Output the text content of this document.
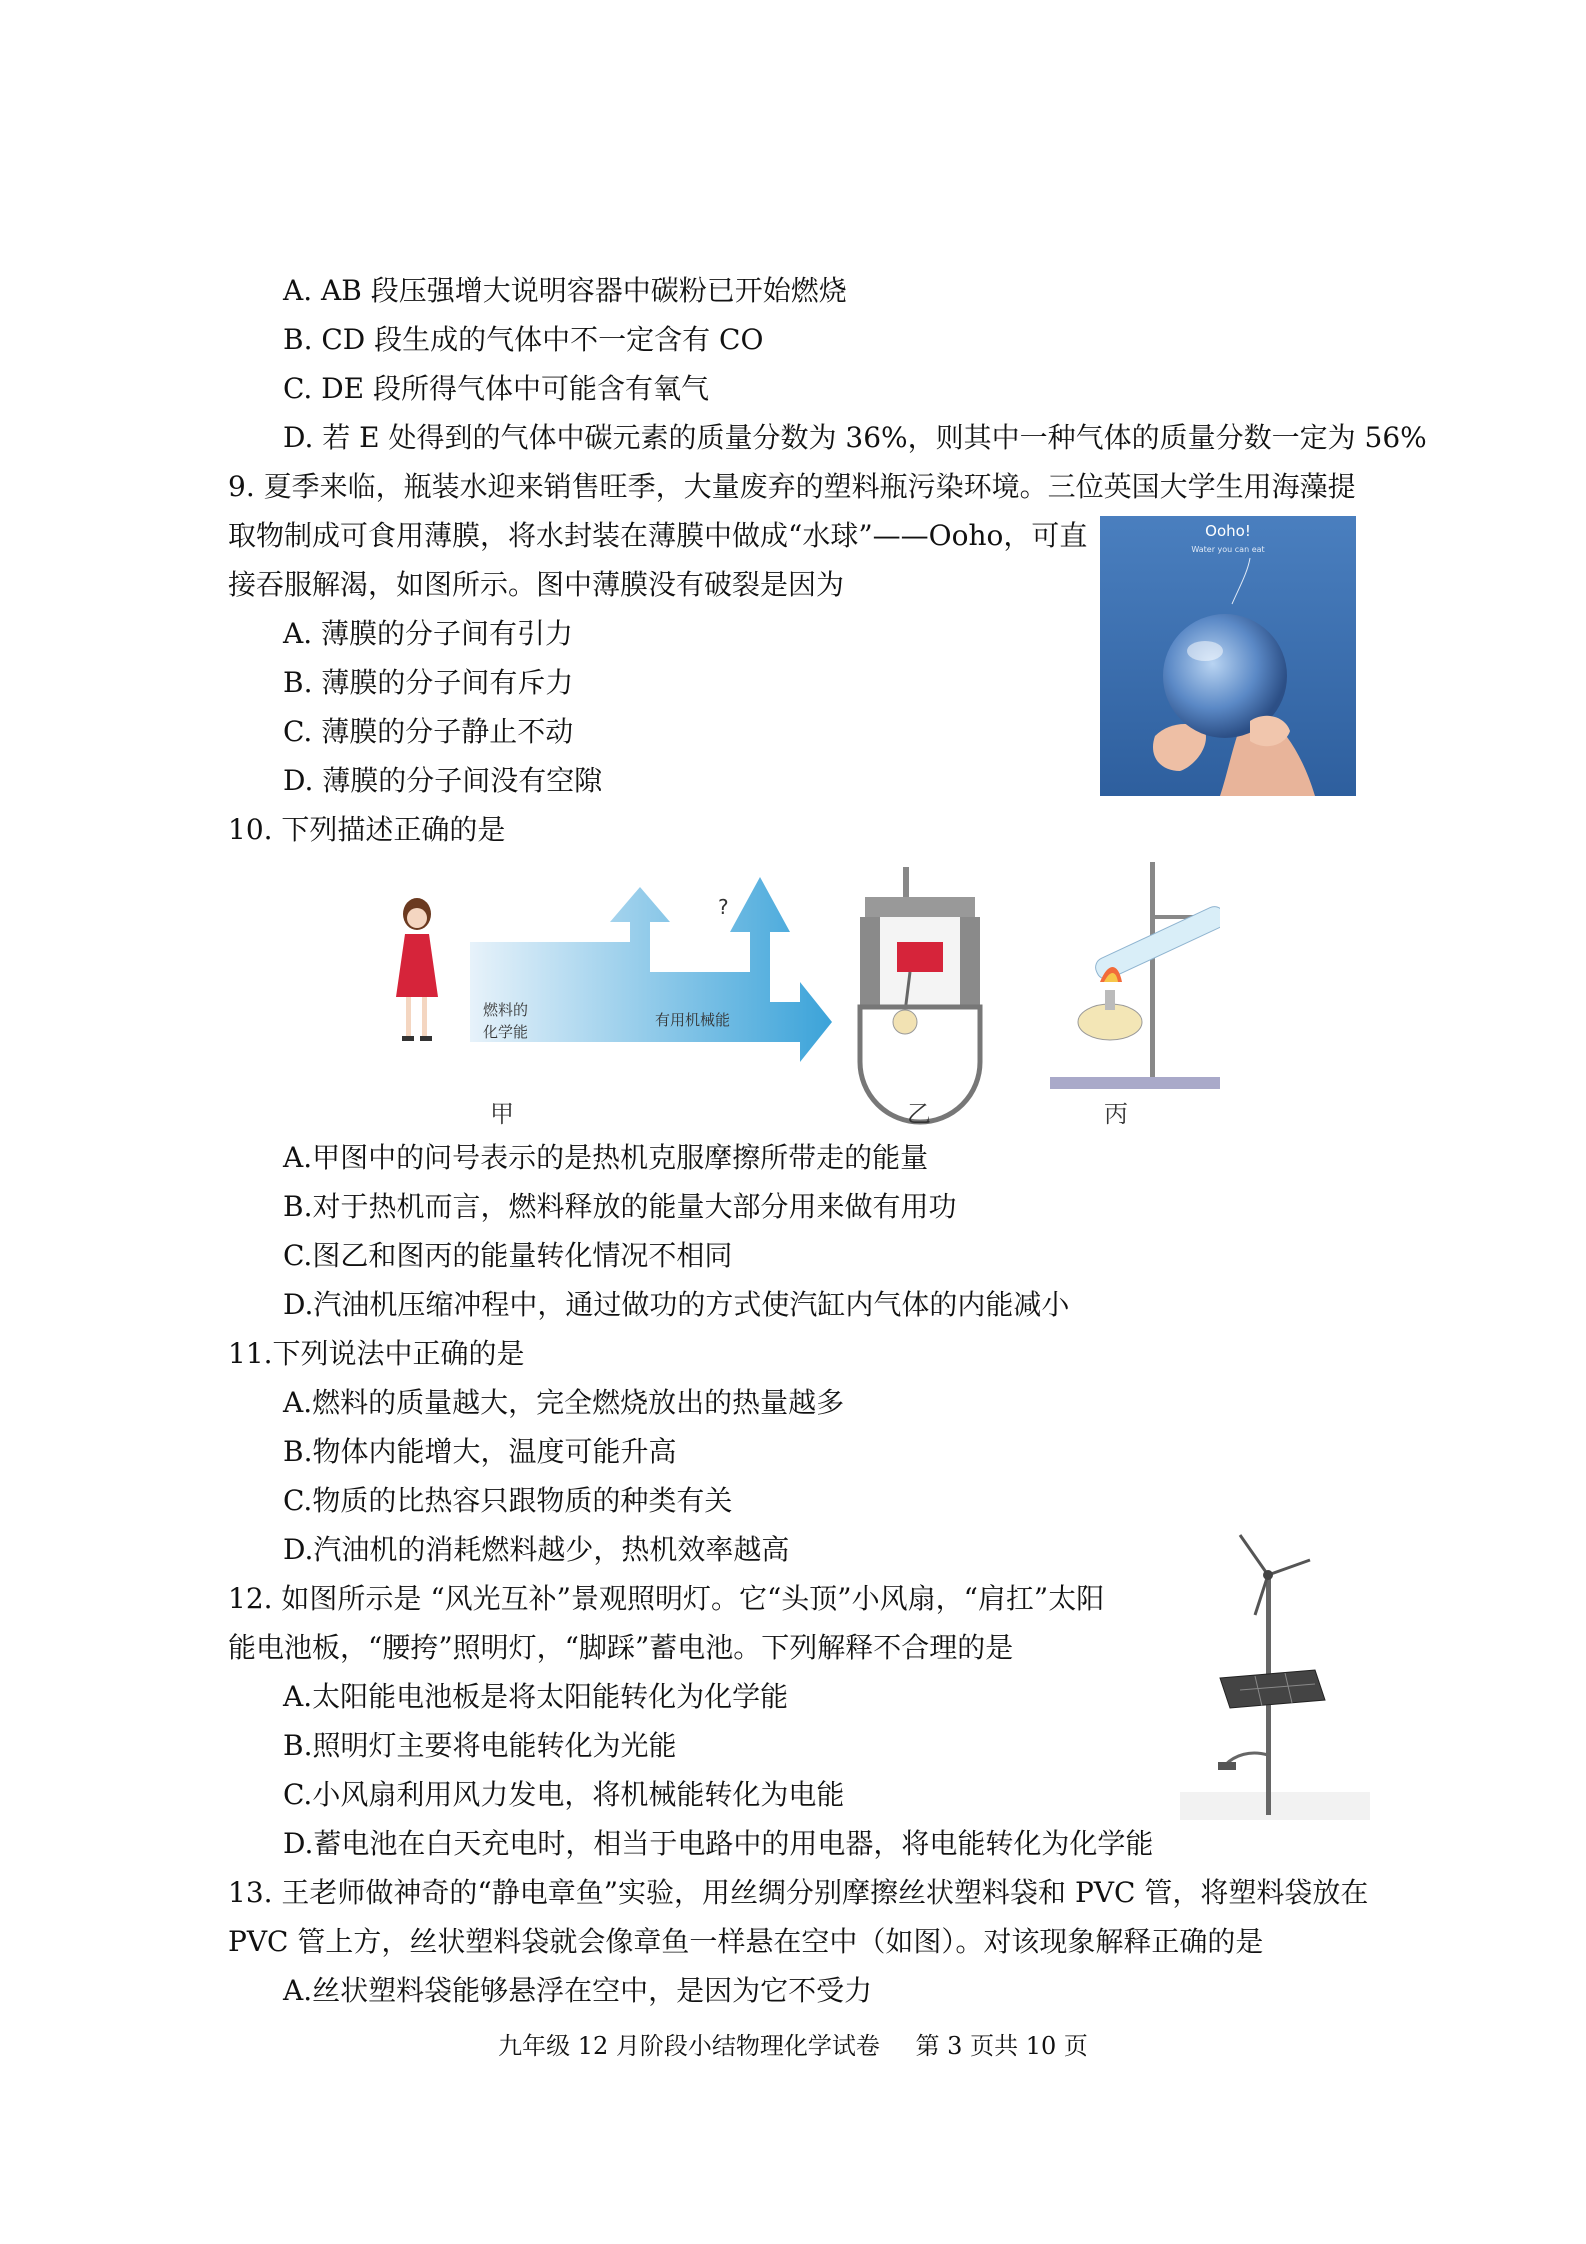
A. AB 段压强增大说明容器中碳粉已开始燃烧
B. CD 段生成的气体中不一定含有 CO
C. DE 段所得气体中可能含有氧气
D. 若 E 处得到的气体中碳元素的质量分数为 36%，则其中一种气体的质量分数一定为 56%
9. 夏季来临，瓶装水迎来销售旺季，大量废弃的塑料瓶污染环境。三位英国大学生用海藻提
取物制成可食用薄膜，将水封装在薄膜中做成“水球”——Ooho，可直
接吞服解渴，如图所示。图中薄膜没有破裂是因为
A. 薄膜的分子间有引力
B. 薄膜的分子间有斥力
C. 薄膜的分子静止不动
D. 薄膜的分子间没有空隙
Ooho!
Water you can eat
10. 下列描述正确的是
燃料的
化学能
有用机械能
?
甲	乙	丙
A.甲图中的问号表示的是热机克服摩擦所带走的能量
B.对于热机而言，燃料释放的能量大部分用来做有用功
C.图乙和图丙的能量转化情况不相同
D.汽油机压缩冲程中，通过做功的方式使汽缸内气体的内能减小
11.下列说法中正确的是
A.燃料的质量越大，完全燃烧放出的热量越多
B.物体内能增大，温度可能升高
C.物质的比热容只跟物质的种类有关
D.汽油机的消耗燃料越少，热机效率越高
12. 如图所示是 “风光互补”景观照明灯。它“头顶”小风扇，“肩扛”太阳
能电池板，“腰挎”照明灯，“脚踩”蓄电池。下列解释不合理的是
A.太阳能电池板是将太阳能转化为化学能
B.照明灯主要将电能转化为光能
C.小风扇利用风力发电，将机械能转化为电能
D.蓄电池在白天充电时，相当于电路中的用电器，将电能转化为化学能
13. 王老师做神奇的“静电章鱼”实验，用丝绸分别摩擦丝状塑料袋和 PVC 管，将塑料袋放在
PVC 管上方，丝状塑料袋就会像章鱼一样悬在空中（如图）。对该现象解释正确的是
A.丝状塑料袋能够悬浮在空中，是因为它不受力
九年级 12 月阶段小结物理化学试卷 第 3 页共 10 页
